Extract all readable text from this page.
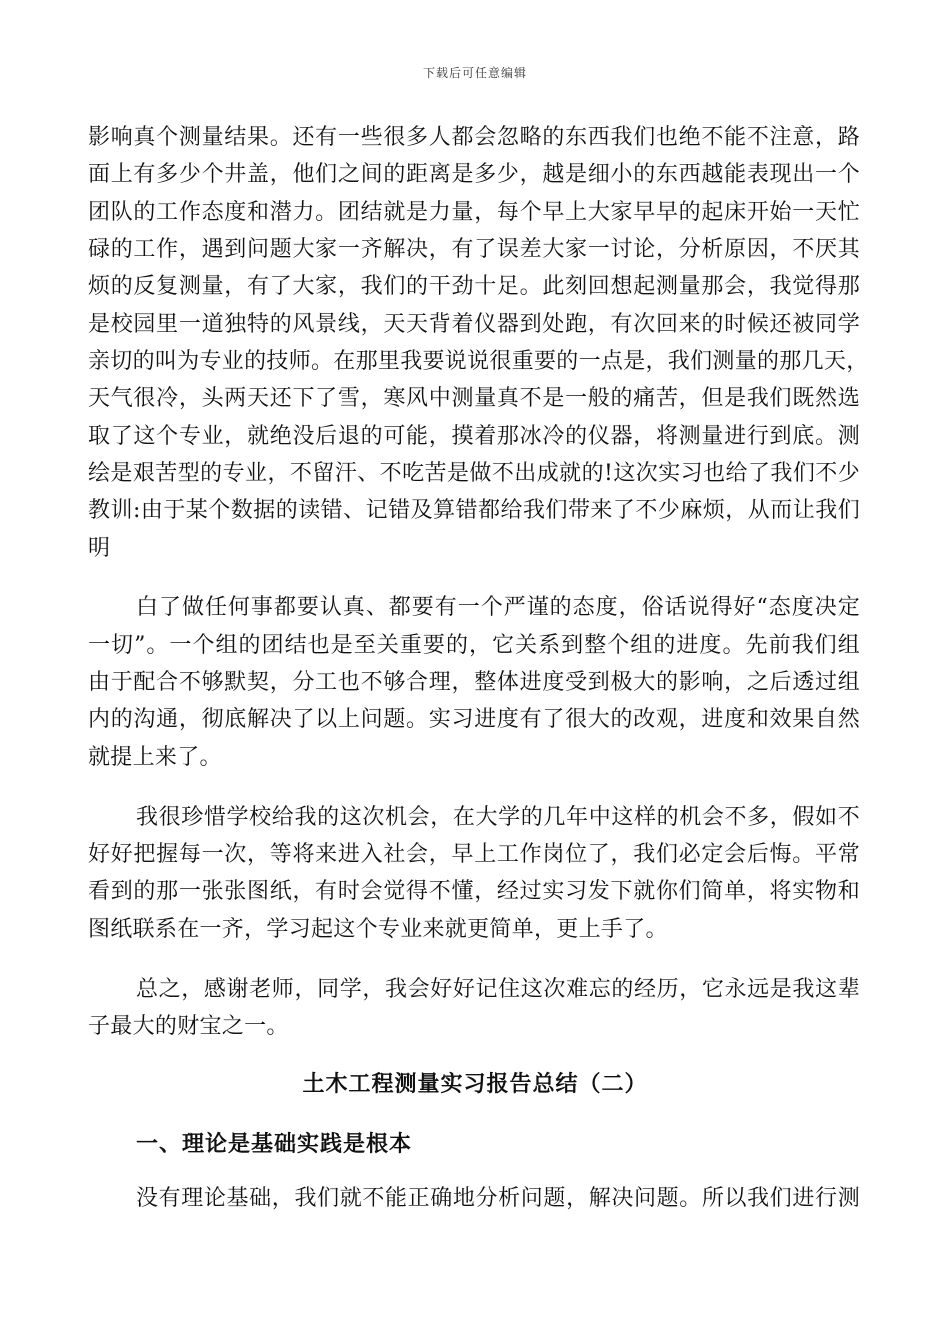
下载后可任意编辑
影响真个测量结果。还有一些很多人都会忽略的东西我们也绝不能不注意，路
面上有多少个井盖，他们之间的距离是多少，越是细小的东西越能表现出一个
团队的工作态度和潜力。团结就是力量，每个早上大家早早的起床开始一天忙
碌的工作，遇到问题大家一齐解决，有了误差大家一讨论，分析原因，不厌其
烦的反复测量，有了大家，我们的干劲十足。此刻回想起测量那会，我觉得那
是校园里一道独特的风景线，天天背着仪器到处跑，有次回来的时候还被同学
亲切的叫为专业的技师。在那里我要说说很重要的一点是，我们测量的那几天，
天气很冷，头两天还下了雪，寒风中测量真不是一般的痛苦，但是我们既然选
取了这个专业，就绝没后退的可能，摸着那冰冷的仪器，将测量进行到底。测
绘是艰苦型的专业，不留汗、不吃苦是做不出成就的!这次实习也给了我们不少
教训:由于某个数据的读错、记错及算错都给我们带来了不少麻烦，从而让我们
明
白了做任何事都要认真、都要有一个严谨的态度，俗话说得好“态度决定
一切”。一个组的团结也是至关重要的，它关系到整个组的进度。先前我们组
由于配合不够默契，分工也不够合理，整体进度受到极大的影响，之后透过组
内的沟通，彻底解决了以上问题。实习进度有了很大的改观，进度和效果自然
就提上来了。
我很珍惜学校给我的这次机会，在大学的几年中这样的机会不多，假如不
好好把握每一次，等将来进入社会，早上工作岗位了，我们必定会后悔。平常
看到的那一张张图纸，有时会觉得不懂，经过实习发下就你们简单，将实物和
图纸联系在一齐，学习起这个专业来就更简单，更上手了。
总之，感谢老师，同学，我会好好记住这次难忘的经历，它永远是我这辈
子最大的财宝之一。
土木工程测量实习报告总结（二）
一、理论是基础实践是根本
没有理论基础，我们就不能正确地分析问题，解决问题。所以我们进行测
